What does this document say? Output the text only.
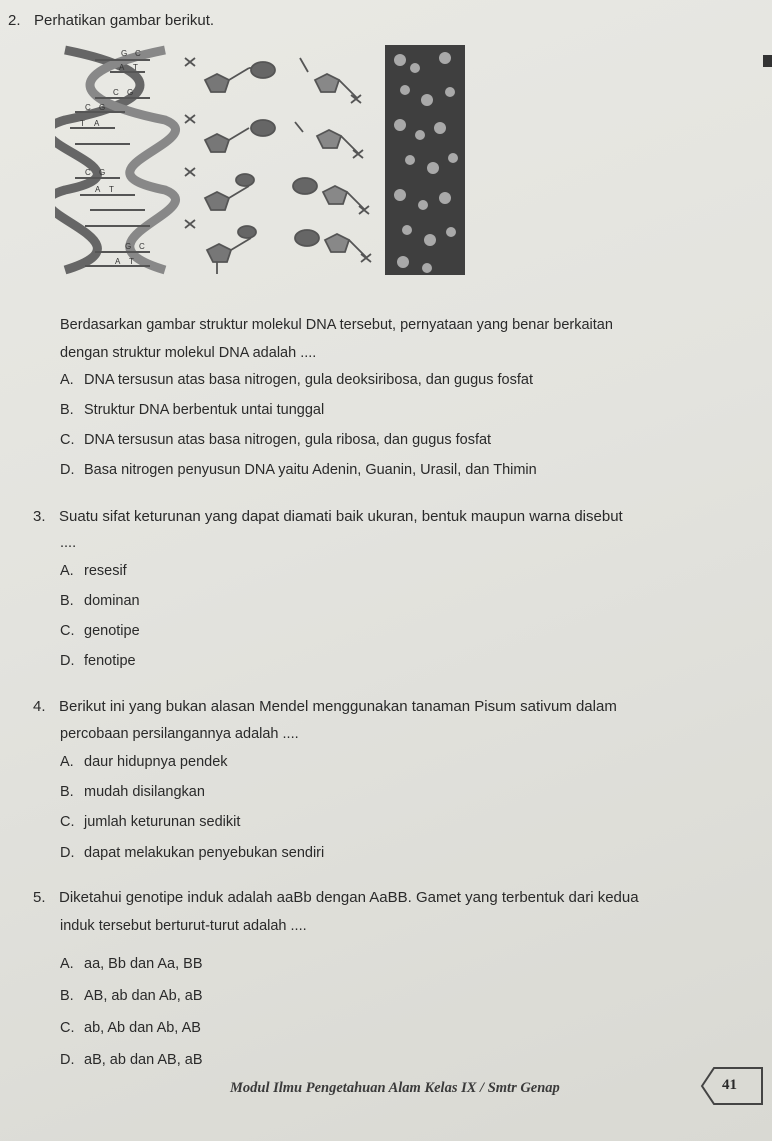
2. Perhatikan gambar berikut.
G C
A T
C G
C G
T A
C G
A T
G C
A T
Berdasarkan gambar struktur molekul DNA tersebut, pernyataan yang benar berkaitan
dengan struktur molekul DNA adalah ....
A. DNA tersusun atas basa nitrogen, gula deoksiribosa, dan gugus fosfat
B. Struktur DNA berbentuk untai tunggal
C. DNA tersusun atas basa nitrogen, gula ribosa, dan gugus fosfat
D. Basa nitrogen penyusun DNA yaitu Adenin, Guanin, Urasil, dan Thimin
3. Suatu sifat keturunan yang dapat diamati baik ukuran, bentuk maupun warna disebut
....
A. resesif
B. dominan
C. genotipe
D. fenotipe
4. Berikut ini yang bukan alasan Mendel menggunakan tanaman Pisum sativum dalam
percobaan persilangannya adalah ....
A. daur hidupnya pendek
B. mudah disilangkan
C. jumlah keturunan sedikit
D. dapat melakukan penyebukan sendiri
5. Diketahui genotipe induk adalah aaBb dengan AaBB. Gamet yang terbentuk dari kedua
induk tersebut berturut-turut adalah ....
A. aa, Bb dan Aa, BB
B. AB, ab dan Ab, aB
C. ab, Ab dan Ab, AB
D. aB, ab dan AB, aB
Modul Ilmu Pengetahuan Alam Kelas IX / Smtr Genap	41
